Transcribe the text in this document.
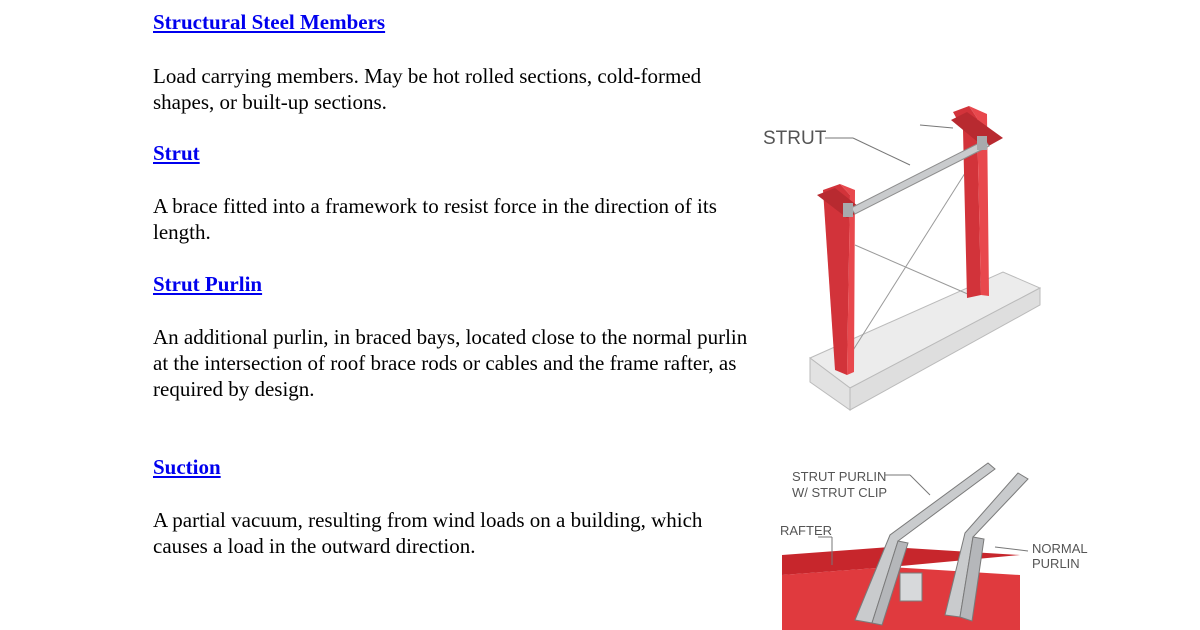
Structural Steel Members

Load carrying members. May be hot rolled sections, cold-formed shapes, or built-up sections.

Strut

A brace fitted into a framework to resist force in the direction of its length.

Strut Purlin

An additional purlin, in braced bays, located close to the normal purlin at the intersection of roof brace rods or cables and the frame rafter, as required by design.

Suction

A partial vacuum, resulting from wind loads on a building, which causes a load in the outward direction.

STRUT
STRUT PURLIN
W/ STRUT CLIP
RAFTER
NORMAL
PURLIN
